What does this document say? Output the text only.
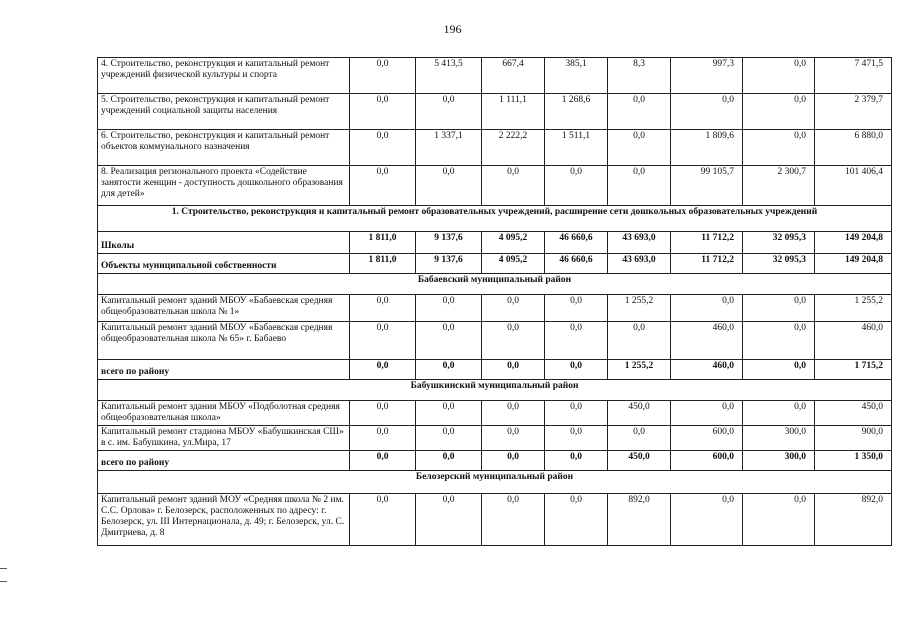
196
4. Строительство, реконструкция и капитальный ремонт учреждений физической культуры и спорта	0,0	5 413,5	667,4	385,1	8,3	997,3	0,0	7 471,5
5. Строительство, реконструкция и капитальный ремонт учреждений социальной защиты населения	0,0	0,0	1 111,1	1 268,6	0,0	0,0	0,0	2 379,7
6. Строительство, реконструкция и капитальный ремонт объектов коммунального назначения	0,0	1 337,1	2 222,2	1 511,1	0,0	1 809,6	0,0	6 880,0
8. Реализация регионального проекта «Содействие занятости женщин - доступность дошкольного образования для детей»	0,0	0,0	0,0	0,0	0,0	99 105,7	2 300,7	101 406,4
1. Строительство, реконструкция и капитальный ремонт образовательных учреждений, расширение сети дошкольных образовательных учреждений								
Школы	1 811,0	9 137,6	4 095,2	46 660,6	43 693,0	11 712,2	32 095,3	149 204,8
Объекты муниципальной собственности	1 811,0	9 137,6	4 095,2	46 660,6	43 693,0	11 712,2	32 095,3	149 204,8
Бабаевский муниципальный район								
Капитальный ремонт зданий МБОУ «Бабаевская средняя общеобразовательная школа № 1»	0,0	0,0	0,0	0,0	1 255,2	0,0	0,0	1 255,2
Капитальный ремонт зданий МБОУ «Бабаевская средняя общеобразовательная школа № 65» г. Бабаево	0,0	0,0	0,0	0,0	0,0	460,0	0,0	460,0
всего по району	0,0	0,0	0,0	0,0	1 255,2	460,0	0,0	1 715,2
Бабушкинский муниципальный район								
Капитальный ремонт здания МБОУ «Подболотная средняя общеобразовательная школа»	0,0	0,0	0,0	0,0	450,0	0,0	0,0	450,0
Капитальный ремонт стадиона МБОУ «Бабушкинская СШ» в с. им. Бабушкина, ул.Мира, 17	0,0	0,0	0,0	0,0	0,0	600,0	300,0	900,0
всего по району	0,0	0,0	0,0	0,0	450,0	600,0	300,0	1 350,0
Белозерский муниципальный район								
Капитальный ремонт зданий МОУ «Средняя школа № 2 им. С.С. Орлова» г. Белозерск, расположенных по адресу: г. Белозерск, ул. III Интернационала, д. 49; г. Белозерск, ул. С. Дмитриева, д. 8	0,0	0,0	0,0	0,0	892,0	0,0	0,0	892,0
